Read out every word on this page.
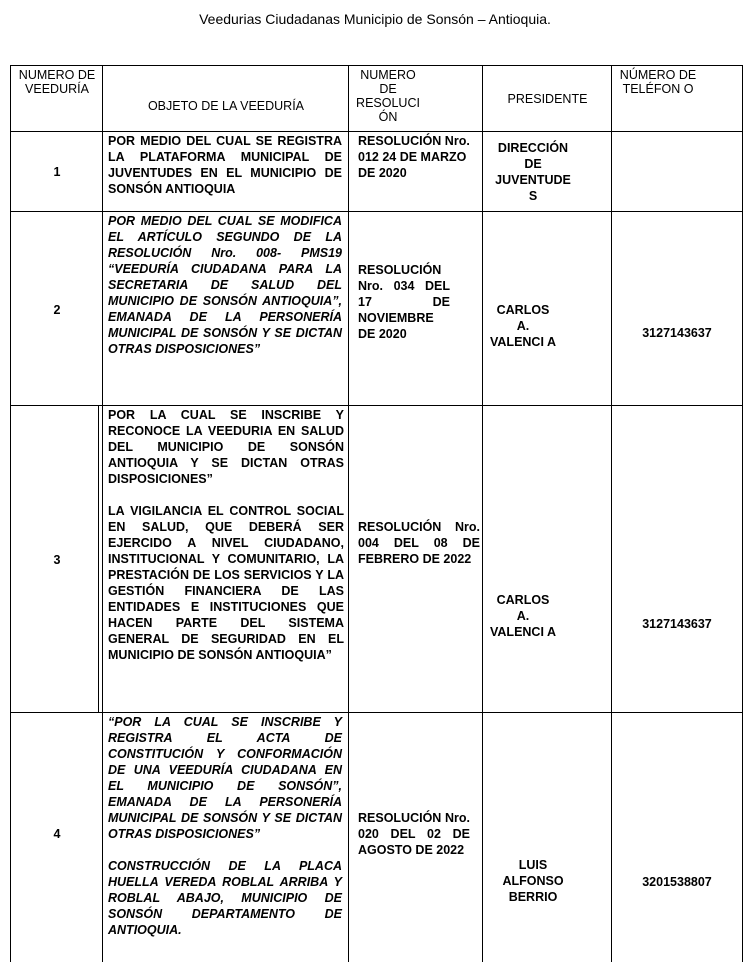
Veedurias Ciudadanas Municipio de Sonsón – Antioquia.
NUMERO DE VEEDURÍA
OBJETO DE LA VEEDURÍA
NUMERO DE RESOLUCI ÓN
PRESIDENTE
NÚMERO DE TELÉFON O
1
POR MEDIO DEL CUAL SE REGISTRA LA PLATAFORMA MUNICIPAL DE JUVENTUDES EN EL MUNICIPIO DE SONSÓN ANTIOQUIA
RESOLUCIÓN Nro. 012 24 DE MARZO DE 2020
DIRECCIÓN DE JUVENTUDE S
2
POR MEDIO DEL CUAL SE MODIFICA EL ARTÍCULO SEGUNDO DE LA RESOLUCIÓN Nro. 008- PMS19 “VEEDURÍA CIUDADANA PARA LA SECRETARIA DE SALUD DEL MUNICIPIO DE SONSÓN ANTIOQUIA”, EMANADA DE LA PERSONERÍA MUNICIPAL DE SONSÓN Y SE DICTAN OTRAS DISPOSICIONES”
RESOLUCIÓN Nro. 034 DEL 17 DE NOVIEMBRE DE 2020
CARLOS A. VALENCI A
3127143637
3
POR LA CUAL SE INSCRIBE Y RECONOCE LA VEEDURIA EN SALUD DEL MUNICIPIO DE SONSÓN ANTIOQUIA Y SE DICTAN OTRAS DISPOSICIONES”
LA VIGILANCIA EL CONTROL SOCIAL EN SALUD, QUE DEBERÁ SER EJERCIDO A NIVEL CIUDADANO, INSTITUCIONAL Y COMUNITARIO, LA PRESTACIÓN DE LOS SERVICIOS Y LA GESTIÓN FINANCIERA DE LAS ENTIDADES E INSTITUCIONES QUE HACEN PARTE DEL SISTEMA GENERAL DE SEGURIDAD EN EL MUNICIPIO DE SONSÓN ANTIOQUIA”
RESOLUCIÓN Nro. 004 DEL 08 DE FEBRERO DE 2022
CARLOS A. VALENCI A
3127143637
4
“POR LA CUAL SE INSCRIBE Y REGISTRA EL ACTA DE CONSTITUCIÓN Y CONFORMACIÓN DE UNA VEEDURÍA CIUDADANA EN EL MUNICIPIO DE SONSÓN”, EMANADA DE LA PERSONERÍA MUNICIPAL DE SONSÓN Y SE DICTAN OTRAS DISPOSICIONES”
CONSTRUCCIÓN DE LA PLACA HUELLA VEREDA ROBLAL ARRIBA Y ROBLAL ABAJO, MUNICIPIO DE SONSÓN DEPARTAMENTO DE ANTIOQUIA.
RESOLUCIÓN Nro. 020 DEL 02 DE AGOSTO DE 2022
LUIS ALFONSO BERRIO
3201538807
